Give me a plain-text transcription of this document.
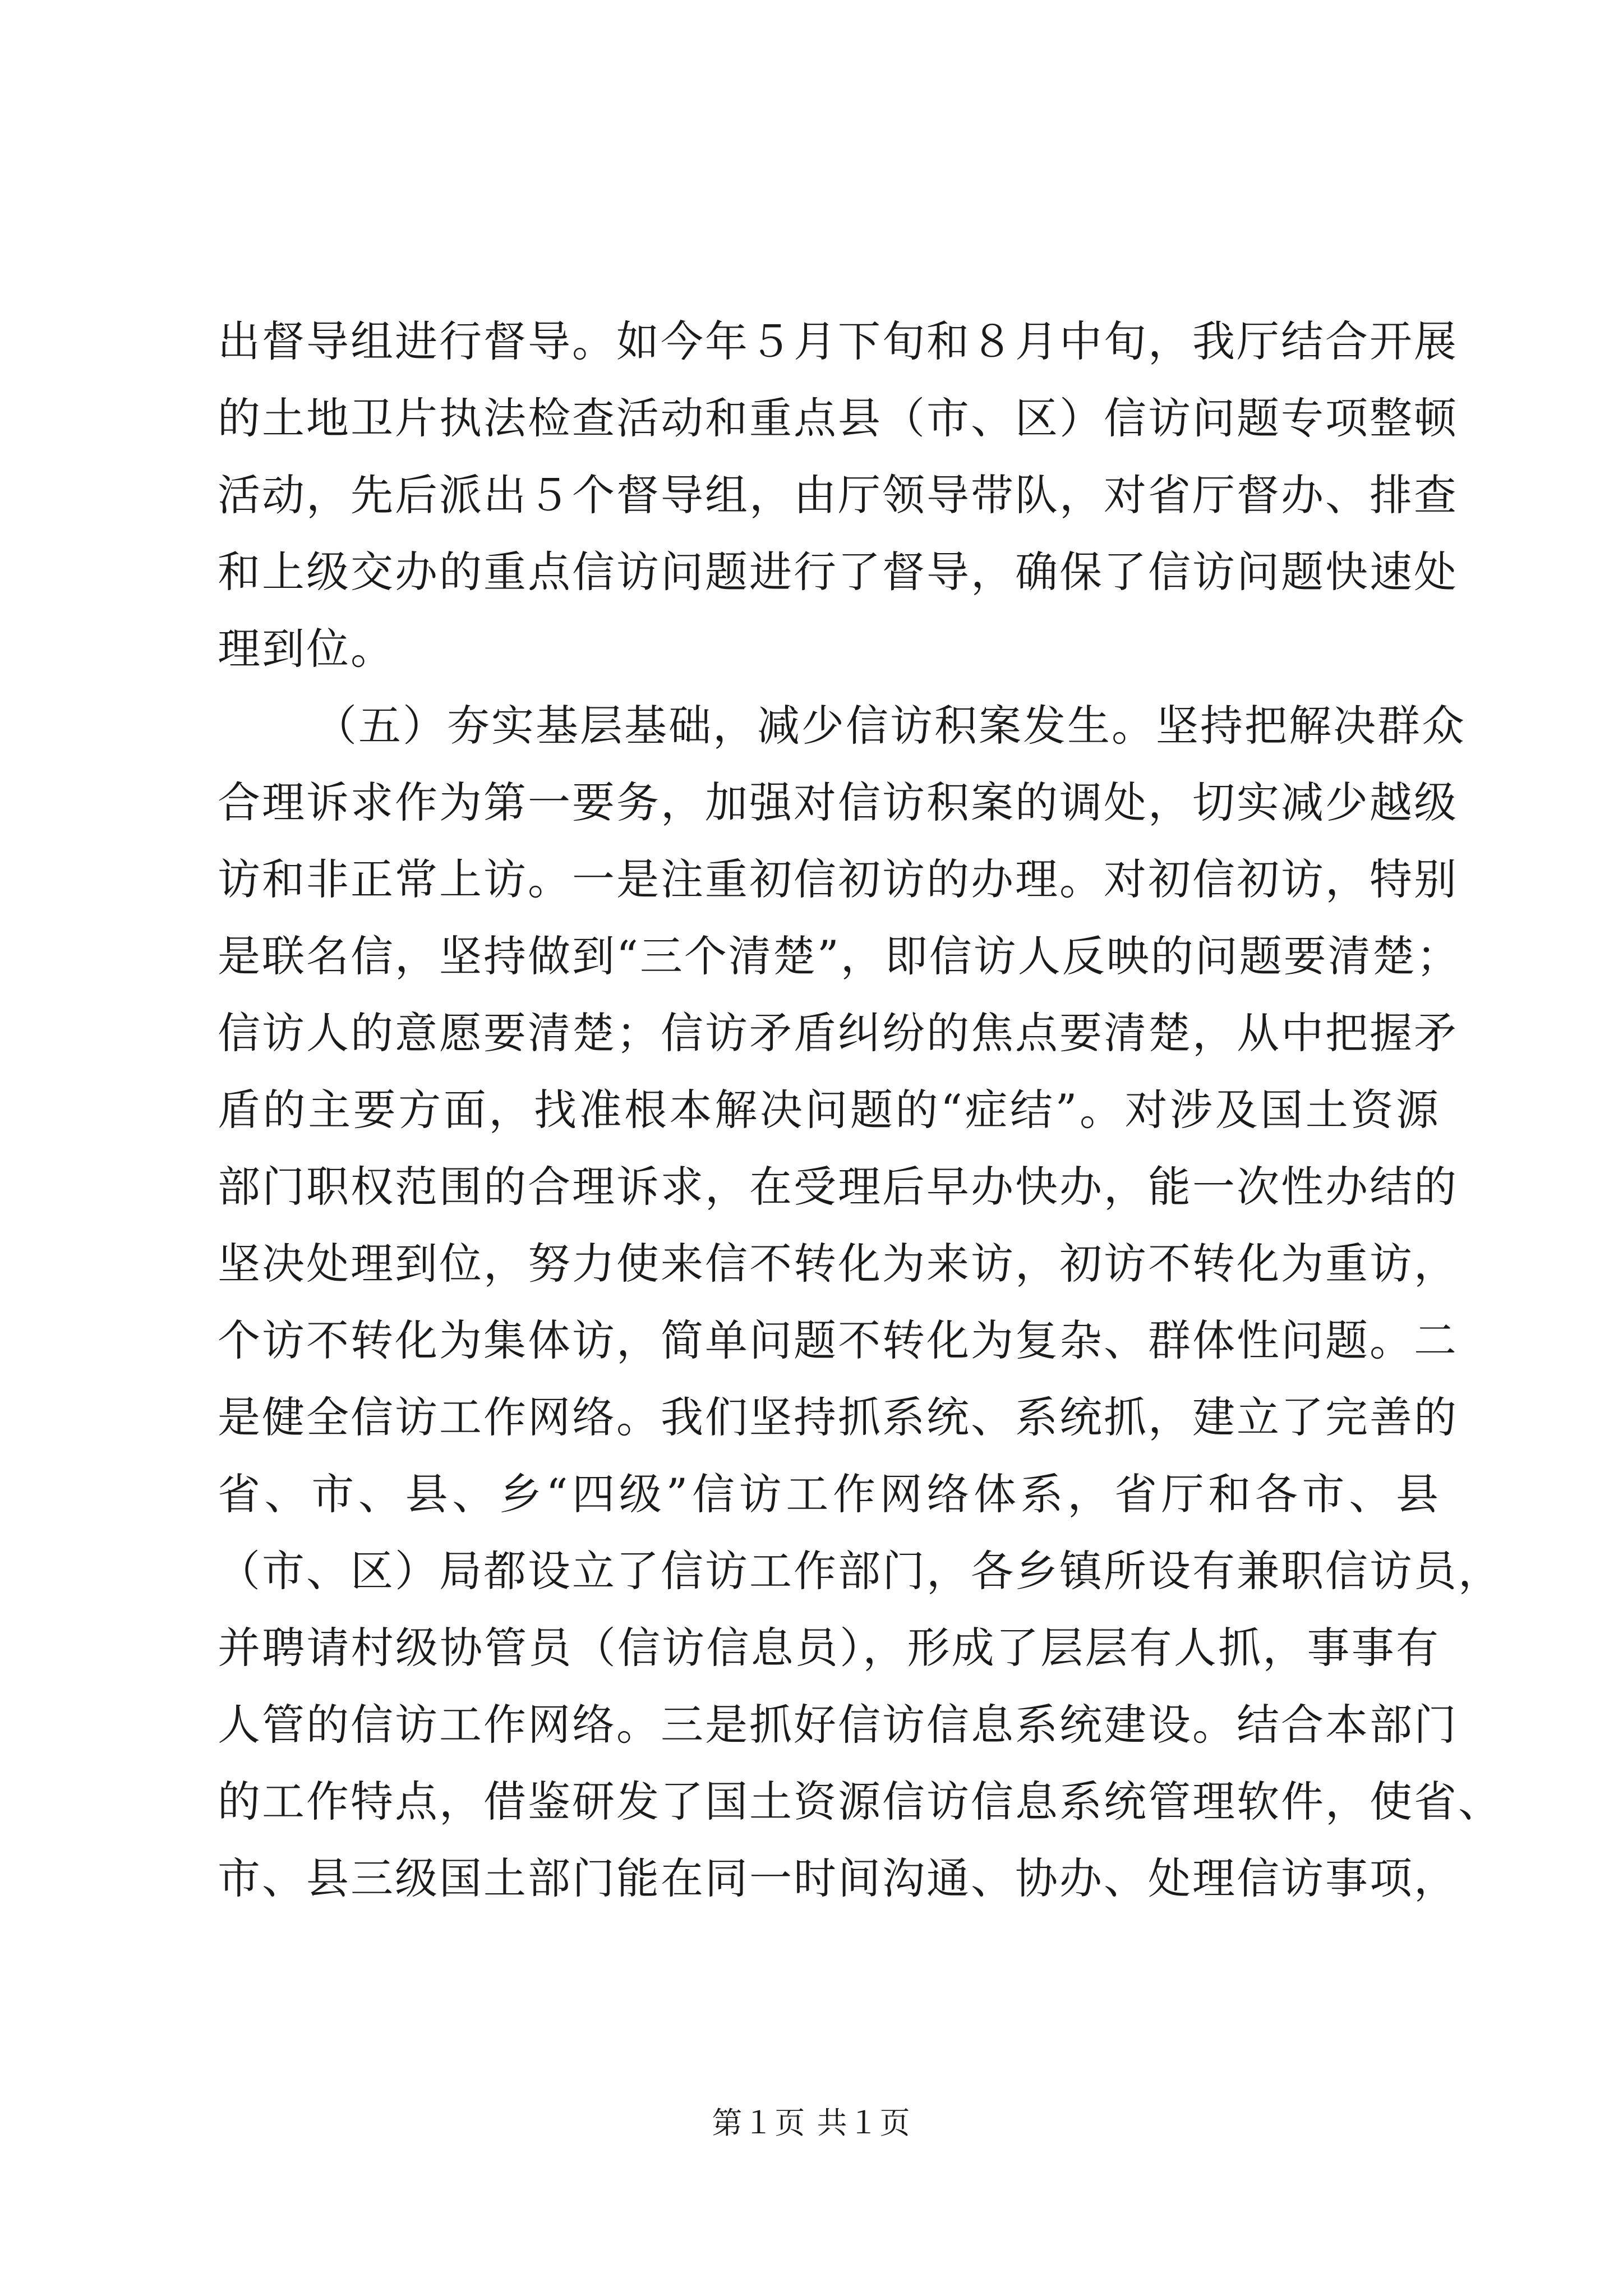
出督导组进行督导。如今年５月下旬和８月中旬，我厅结合开展
的土地卫片执法检查活动和重点县（市、区）信访问题专项整顿
活动，先后派出５个督导组，由厅领导带队，对省厅督办、排查
和上级交办的重点信访问题进行了督导，确保了信访问题快速处
理到位。
（五）夯实基层基础，减少信访积案发生。坚持把解决群众
合理诉求作为第一要务，加强对信访积案的调处，切实减少越级
访和非正常上访。一是注重初信初访的办理。对初信初访，特别
是联名信，坚持做到“三个清楚”，即信访人反映的问题要清楚；
信访人的意愿要清楚；信访矛盾纠纷的焦点要清楚，从中把握矛
盾的主要方面，找准根本解决问题的“症结”。对涉及国土资源
部门职权范围的合理诉求，在受理后早办快办，能一次性办结的
坚决处理到位，努力使来信不转化为来访，初访不转化为重访，
个访不转化为集体访，简单问题不转化为复杂、群体性问题。二
是健全信访工作网络。我们坚持抓系统、系统抓，建立了完善的
省、市、县、乡“四级”信访工作网络体系，省厅和各市、县
（市、区）局都设立了信访工作部门，各乡镇所设有兼职信访员，
并聘请村级协管员（信访信息员），形成了层层有人抓，事事有
人管的信访工作网络。三是抓好信访信息系统建设。结合本部门
的工作特点，借鉴研发了国土资源信访信息系统管理软件，使省、
市、县三级国土部门能在同一时间沟通、协办、处理信访事项，
第１页 共１页
